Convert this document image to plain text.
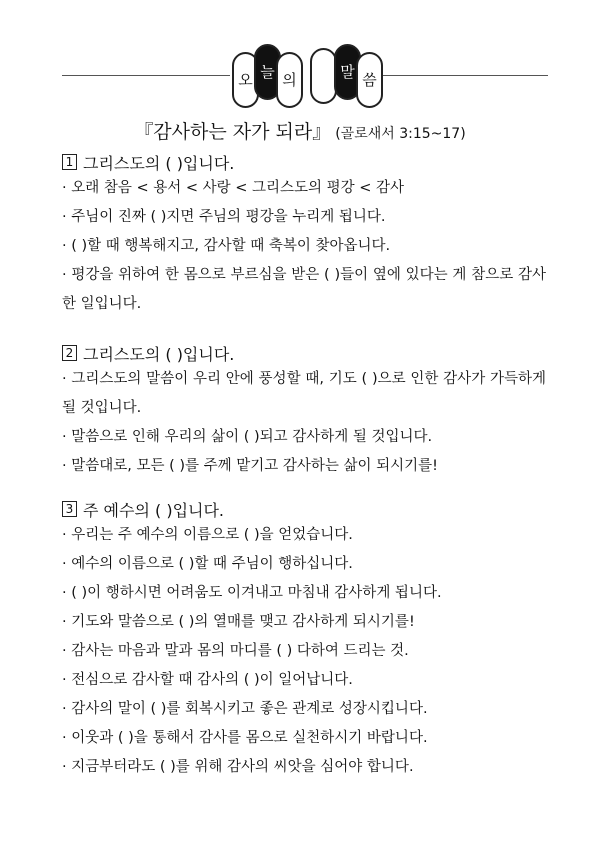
오 늘 의	말 씀
『감사하는 자가 되라』 (골로새서 3:15~17)
1 그리스도의 ( )입니다.
· 오래 참음 < 용서 < 사랑 < 그리스도의 평강 < 감사
· 주님이 진짜 ( )지면 주님의 평강을 누리게 됩니다.
· ( )할 때 행복해지고, 감사할 때 축복이 찾아옵니다.
· 평강을 위하여 한 몸으로 부르심을 받은 ( )들이 옆에 있다는 게 참으로 감사한 일입니다.
2 그리스도의 ( )입니다.
· 그리스도의 말씀이 우리 안에 풍성할 때, 기도 ( )으로 인한 감사가 가득하게 될 것입니다.
· 말씀으로 인해 우리의 삶이 ( )되고 감사하게 될 것입니다.
· 말씀대로, 모든 ( )를 주께 맡기고 감사하는 삶이 되시기를!
3 주 예수의 ( )입니다.
· 우리는 주 예수의 이름으로 ( )을 얻었습니다.
· 예수의 이름으로 ( )할 때 주님이 행하십니다.
· ( )이 행하시면 어려움도 이겨내고 마침내 감사하게 됩니다.
· 기도와 말씀으로 ( )의 열매를 맺고 감사하게 되시기를!
· 감사는 마음과 말과 몸의 마디를 ( ) 다하여 드리는 것.
· 전심으로 감사할 때 감사의 ( )이 일어납니다.
· 감사의 말이 ( )를 회복시키고 좋은 관계로 성장시킵니다.
· 이웃과 ( )을 통해서 감사를 몸으로 실천하시기 바랍니다.
· 지금부터라도 ( )를 위해 감사의 씨앗을 심어야 합니다.
